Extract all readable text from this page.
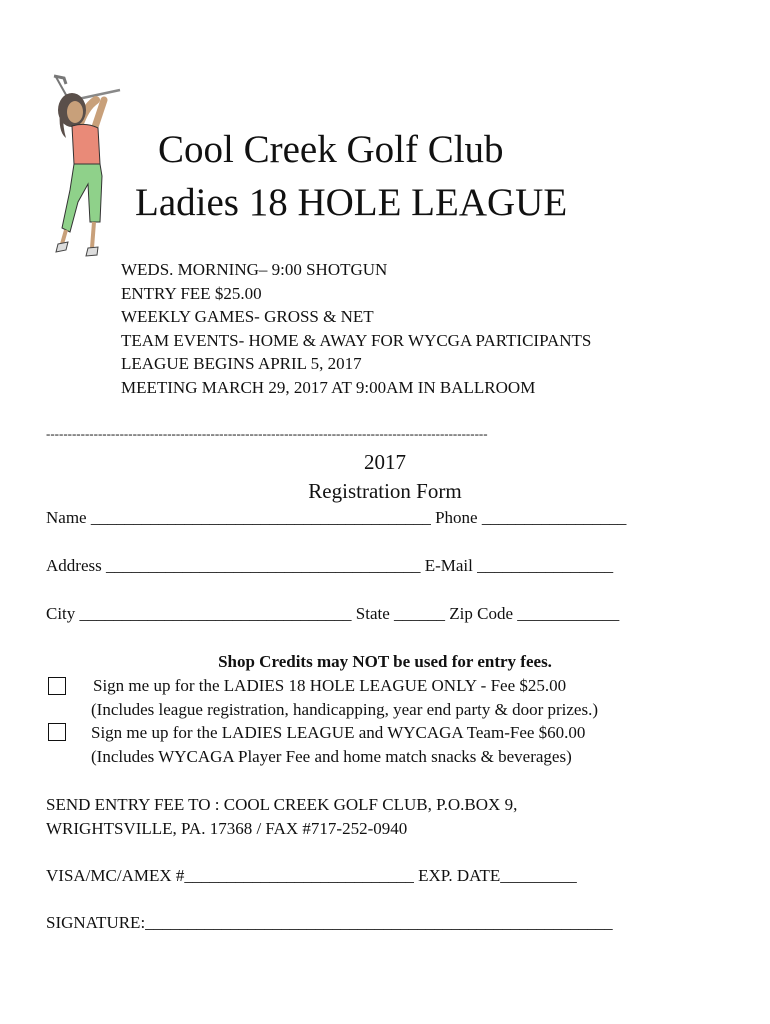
Cool Creek Golf Club
Ladies 18 HOLE LEAGUE
WEDS. MORNING– 9:00 SHOTGUN
ENTRY FEE $25.00
WEEKLY GAMES- GROSS & NET
TEAM EVENTS- HOME & AWAY FOR WYCGA PARTICIPANTS
LEAGUE BEGINS APRIL 5, 2017
MEETING MARCH 29, 2017 AT 9:00AM IN BALLROOM
------------------------------------------------------------------------------------------------------
2017
Registration Form
Name ________________________________________ Phone _________________
Address _____________________________________ E-Mail ________________
City ________________________________ State ______ Zip Code ____________
Shop Credits may NOT be used for entry fees.
Sign me up for the LADIES 18 HOLE LEAGUE ONLY - Fee $25.00
(Includes league registration, handicapping, year end party & door prizes.)
Sign me up for the LADIES LEAGUE and WYCAGA Team-Fee $60.00
(Includes WYCAGA Player Fee and home match snacks & beverages)
SEND ENTRY FEE TO : COOL CREEK GOLF CLUB, P.O.BOX 9,
WRIGHTSVILLE, PA. 17368 / FAX #717-252-0940
VISA/MC/AMEX #___________________________ EXP. DATE_________
SIGNATURE:_______________________________________________________
